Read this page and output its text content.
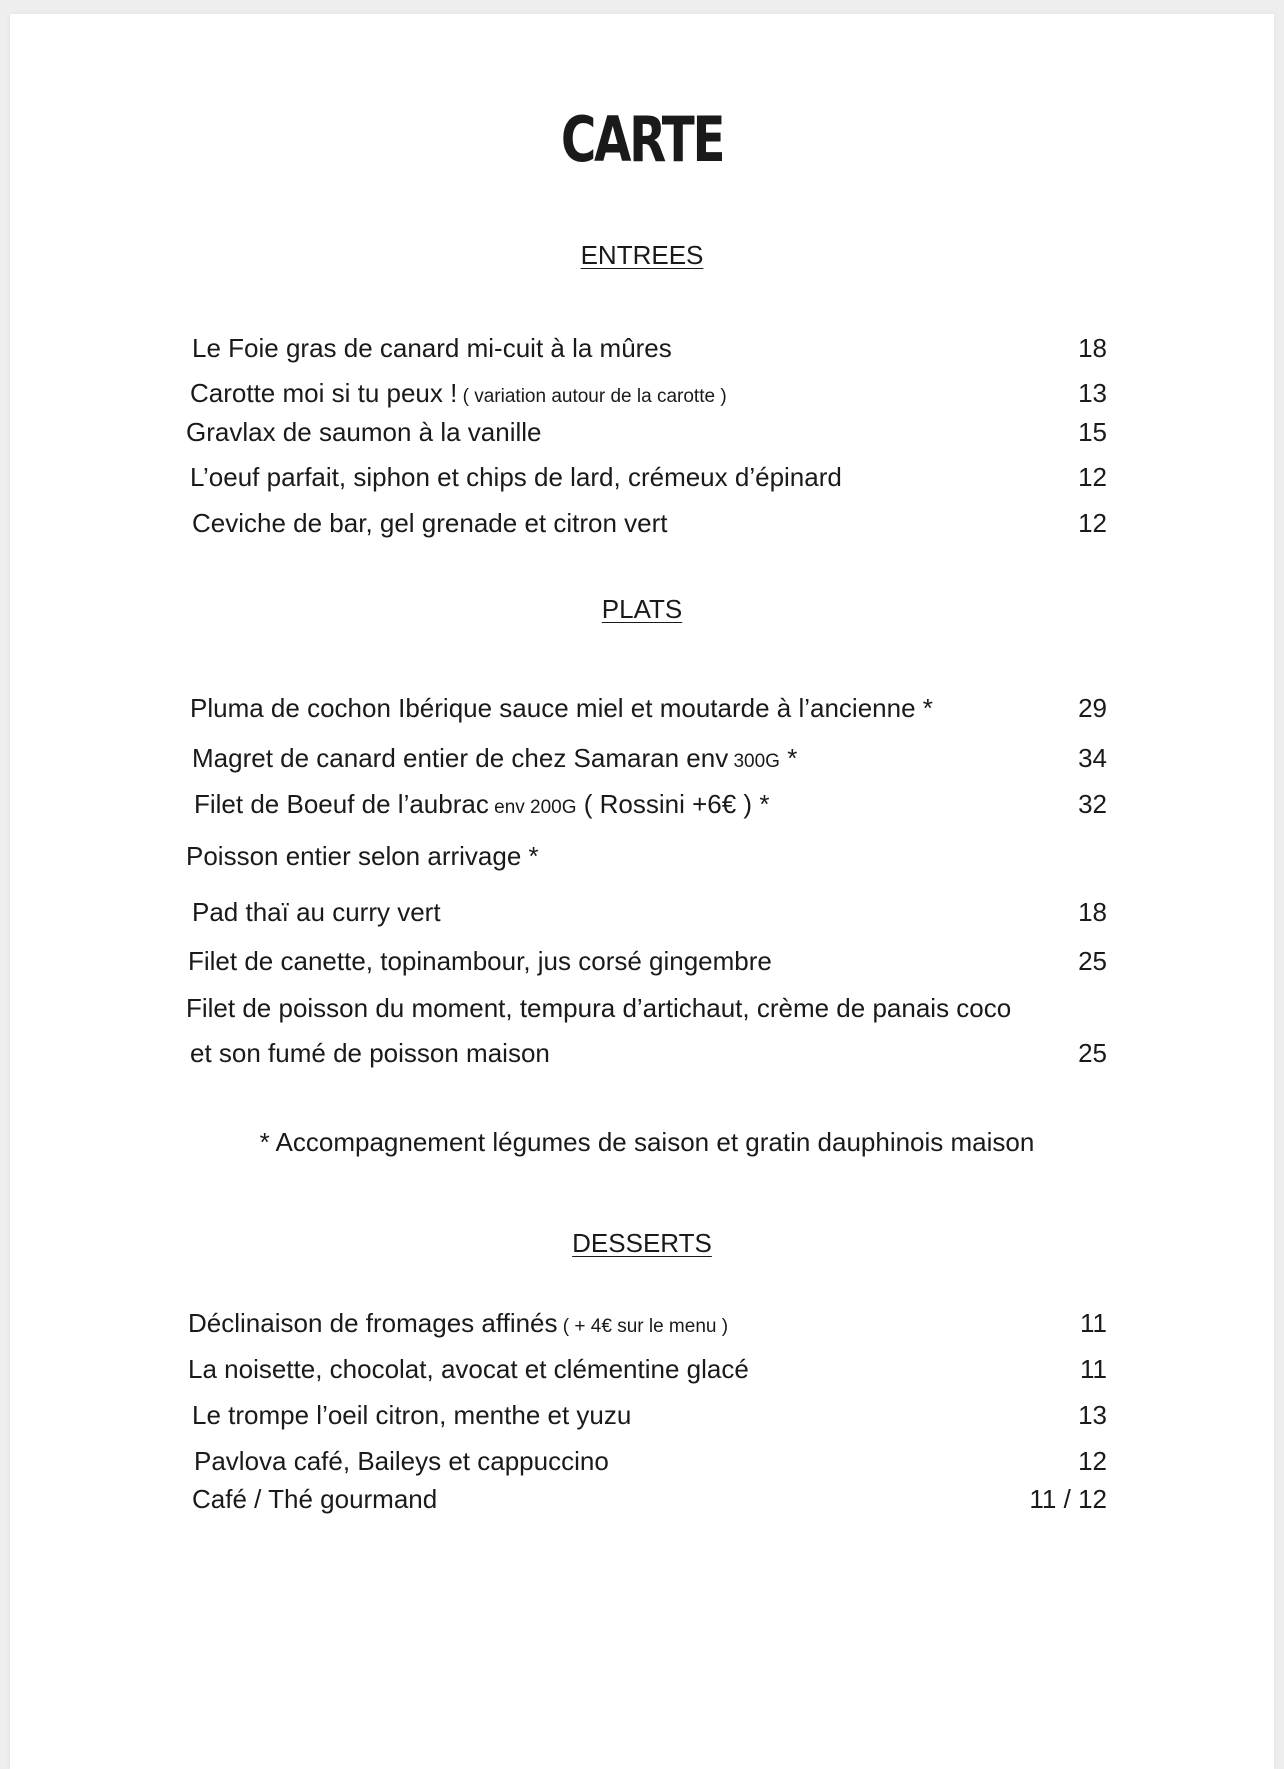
CARTE
ENTREES
Le Foie gras de canard mi-cuit à la mûres	18
Carotte moi si tu peux ! ( variation autour de la carotte )	13
Gravlax de saumon à la vanille	15
L’oeuf parfait, siphon et chips de lard, crémeux d’épinard	12
Ceviche de bar, gel grenade et citron vert	12
PLATS
Pluma de cochon Ibérique sauce miel et moutarde à l’ancienne *	29
Magret de canard entier de chez Samaran env 300G *	34
Filet de Boeuf de l’aubrac env 200G ( Rossini +6€ ) *	32
Poisson entier selon arrivage *
Pad thaï au curry vert	18
Filet de canette, topinambour, jus corsé gingembre	25
Filet de poisson du moment, tempura d’artichaut, crème de panais coco
et son fumé de poisson maison	25
* Accompagnement légumes de saison et gratin dauphinois maison
DESSERTS
Déclinaison de fromages affinés ( + 4€ sur le menu )	11
La noisette, chocolat, avocat et clémentine glacé	11
Le trompe l’oeil citron, menthe et yuzu	13
Pavlova café, Baileys et cappuccino	12
Café / Thé gourmand	11 / 12
